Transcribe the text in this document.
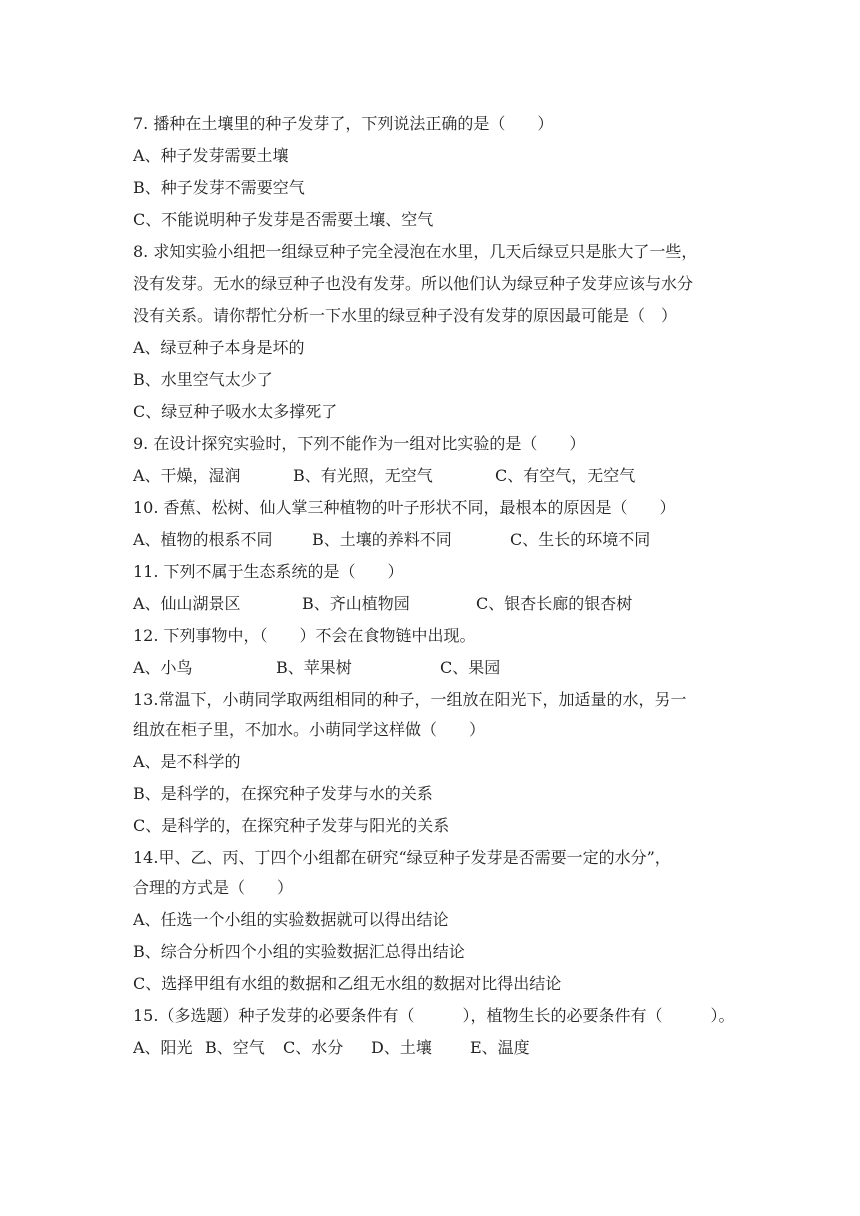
7. 播种在土壤里的种子发芽了，下列说法正确的是（　　）
A、种子发芽需要土壤
B、种子发芽不需要空气
C、不能说明种子发芽是否需要土壤、空气
8. 求知实验小组把一组绿豆种子完全浸泡在水里，几天后绿豆只是胀大了一些，
没有发芽。无水的绿豆种子也没有发芽。所以他们认为绿豆种子发芽应该与水分
没有关系。请你帮忙分析一下水里的绿豆种子没有发芽的原因最可能是（　）
A、绿豆种子本身是坏的
B、水里空气太少了
C、绿豆种子吸水太多撑死了
9. 在设计探究实验时，下列不能作为一组对比实验的是（　　）
A、干燥，湿润	B、有光照，无空气	C、有空气，无空气
10. 香蕉、松树、仙人掌三种植物的叶子形状不同，最根本的原因是（　　）
A、植物的根系不同 B、土壤的养料不同	C、生长的环境不同
11. 下列不属于生态系统的是（　　）
A、仙山湖景区	B、齐山植物园	C、银杏长廊的银杏树
12. 下列事物中，（　　）不会在食物链中出现。
A、小鸟	B、苹果树	C、果园
13.常温下，小萌同学取两组相同的种子，一组放在阳光下，加适量的水，另一
组放在柜子里，不加水。小萌同学这样做（　　）
A、是不科学的
B、是科学的，在探究种子发芽与水的关系
C、是科学的，在探究种子发芽与阳光的关系
14.甲、乙、丙、丁四个小组都在研究“绿豆种子发芽是否需要一定的水分”，
合理的方式是（　　）
A、任选一个小组的实验数据就可以得出结论
B、综合分析四个小组的实验数据汇总得出结论
C、选择甲组有水组的数据和乙组无水组的数据对比得出结论
15.（多选题）种子发芽的必要条件有（　　　），植物生长的必要条件有（　　　）。
A、阳光 B、空气 C、水分 D、土壤 E、温度
